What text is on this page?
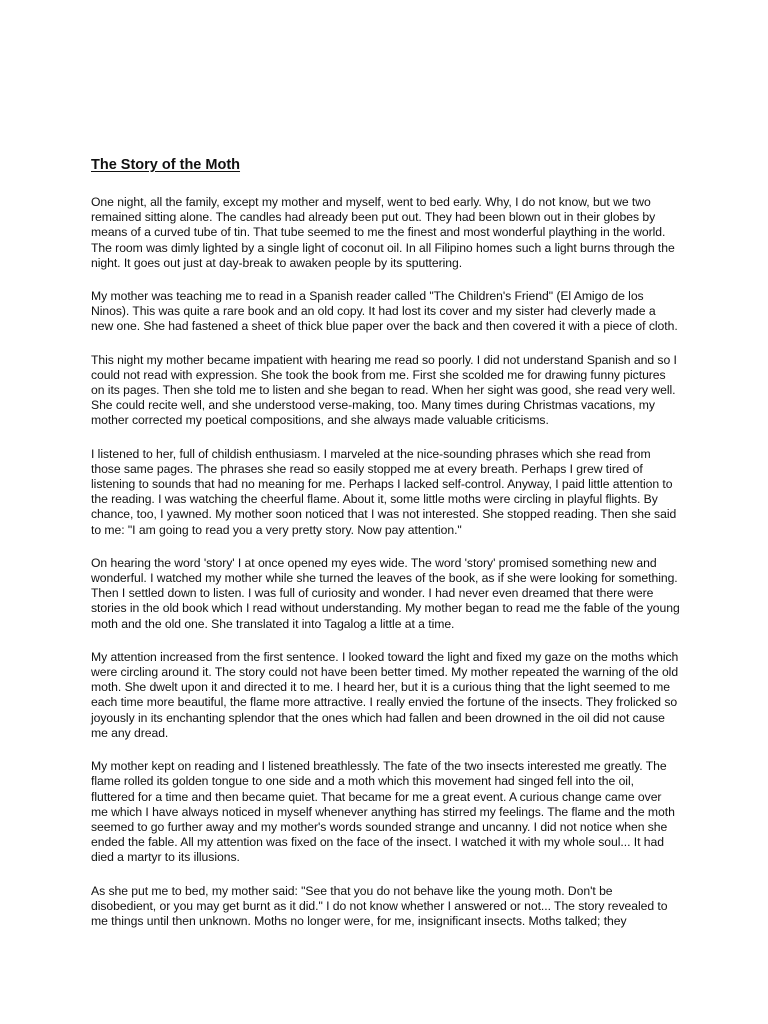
The Story of the Moth

One night, all the family, except my mother and myself, went to bed early. Why, I do not know, but we two remained sitting alone. The candles had already been put out. They had been blown out in their globes by means of a curved tube of tin. That tube seemed to me the finest and most wonderful plaything in the world. The room was dimly lighted by a single light of coconut oil. In all Filipino homes such a light burns through the night. It goes out just at day-break to awaken people by its sputtering.

My mother was teaching me to read in a Spanish reader called "The Children's Friend" (El Amigo de los Ninos). This was quite a rare book and an old copy. It had lost its cover and my sister had cleverly made a new one. She had fastened a sheet of thick blue paper over the back and then covered it with a piece of cloth.

This night my mother became impatient with hearing me read so poorly. I did not understand Spanish and so I could not read with expression. She took the book from me. First she scolded me for drawing funny pictures on its pages. Then she told me to listen and she began to read. When her sight was good, she read very well. She could recite well, and she understood verse-making, too. Many times during Christmas vacations, my mother corrected my poetical compositions, and she always made valuable criticisms.

I listened to her, full of childish enthusiasm. I marveled at the nice-sounding phrases which she read from those same pages. The phrases she read so easily stopped me at every breath. Perhaps I grew tired of listening to sounds that had no meaning for me. Perhaps I lacked self-control. Anyway, I paid little attention to the reading. I was watching the cheerful flame. About it, some little moths were circling in playful flights. By chance, too, I yawned. My mother soon noticed that I was not interested. She stopped reading. Then she said to me: "I am going to read you a very pretty story. Now pay attention."

On hearing the word 'story' I at once opened my eyes wide. The word 'story' promised something new and wonderful. I watched my mother while she turned the leaves of the book, as if she were looking for something. Then I settled down to listen. I was full of curiosity and wonder. I had never even dreamed that there were stories in the old book which I read without understanding. My mother began to read me the fable of the young moth and the old one. She translated it into Tagalog a little at a time.

My attention increased from the first sentence. I looked toward the light and fixed my gaze on the moths which were circling around it. The story could not have been better timed. My mother repeated the warning of the old moth. She dwelt upon it and directed it to me. I heard her, but it is a curious thing that the light seemed to me each time more beautiful, the flame more attractive. I really envied the fortune of the insects. They frolicked so joyously in its enchanting splendor that the ones which had fallen and been drowned in the oil did not cause me any dread.

My mother kept on reading and I listened breathlessly. The fate of the two insects interested me greatly. The flame rolled its golden tongue to one side and a moth which this movement had singed fell into the oil, fluttered for a time and then became quiet. That became for me a great event. A curious change came over me which I have always noticed in myself whenever anything has stirred my feelings. The flame and the moth seemed to go further away and my mother's words sounded strange and uncanny. I did not notice when she ended the fable. All my attention was fixed on the face of the insect. I watched it with my whole soul... It had died a martyr to its illusions.

As she put me to bed, my mother said: "See that you do not behave like the young moth. Don't be disobedient, or you may get burnt as it did." I do not know whether I answered or not... The story revealed to me things until then unknown. Moths no longer were, for me, insignificant insects. Moths talked; they
